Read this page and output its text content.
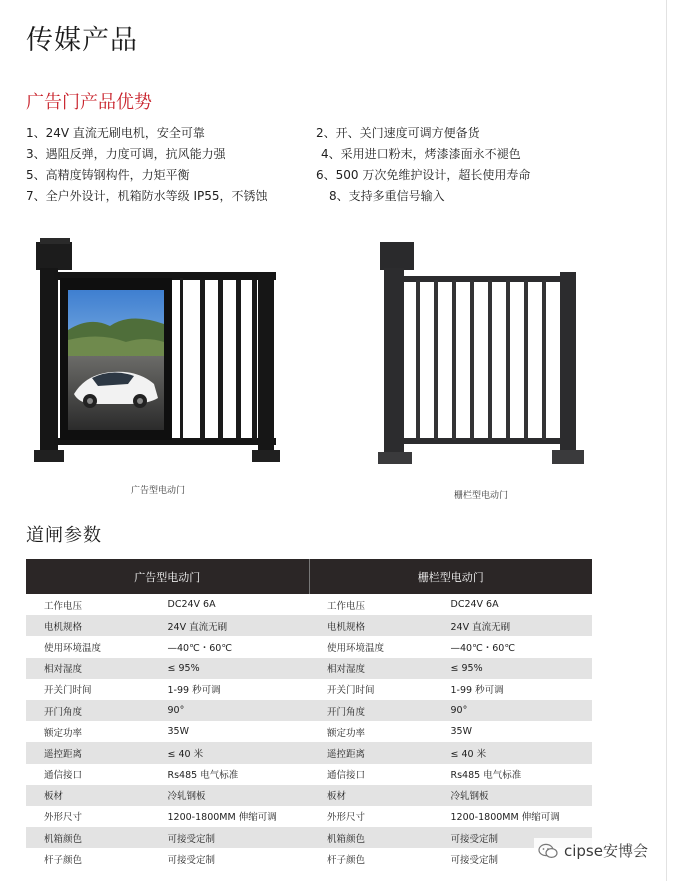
传媒产品
广告门产品优势
1、24V 直流无刷电机，安全可靠	2、开、关门速度可调方便备货
3、遇阻反弹，力度可调，抗风能力强	4、采用进口粉末，烤漆漆面永不褪色
5、高精度铸钢构件，力矩平衡	6、500 万次免维护设计，超长使用寿命
7、全户外设计，机箱防水等级 IP55，不锈蚀	8、支持多重信号输入
广告型电动门	栅栏型电动门
道闸参数
广告型电动门		栅栏型电动门	

工作电压	DC24V 6A	工作电压	DC24V 6A
电机规格	24V 直流无刷	电机规格	24V 直流无刷
使用环境温度	—40℃・60℃	使用环境温度	—40℃・60℃
相对湿度	≤ 95%	相对湿度	≤ 95%
开关门时间	1-99 秒可调	开关门时间	1-99 秒可调
开门角度	90°	开门角度	90°
额定功率	35W	额定功率	35W
遥控距离	≤ 40 米	遥控距离	≤ 40 米
通信接口	Rs485 电气标准	通信接口	Rs485 电气标准
板材	冷轧钢板	板材	冷轧钢板
外形尺寸	1200-1800MM 伸缩可调	外形尺寸	1200-1800MM 伸缩可调
机箱颜色	可接受定制	机箱颜色	可接受定制
杆子颜色	可接受定制	杆子颜色	可接受定制
cipse安博会
